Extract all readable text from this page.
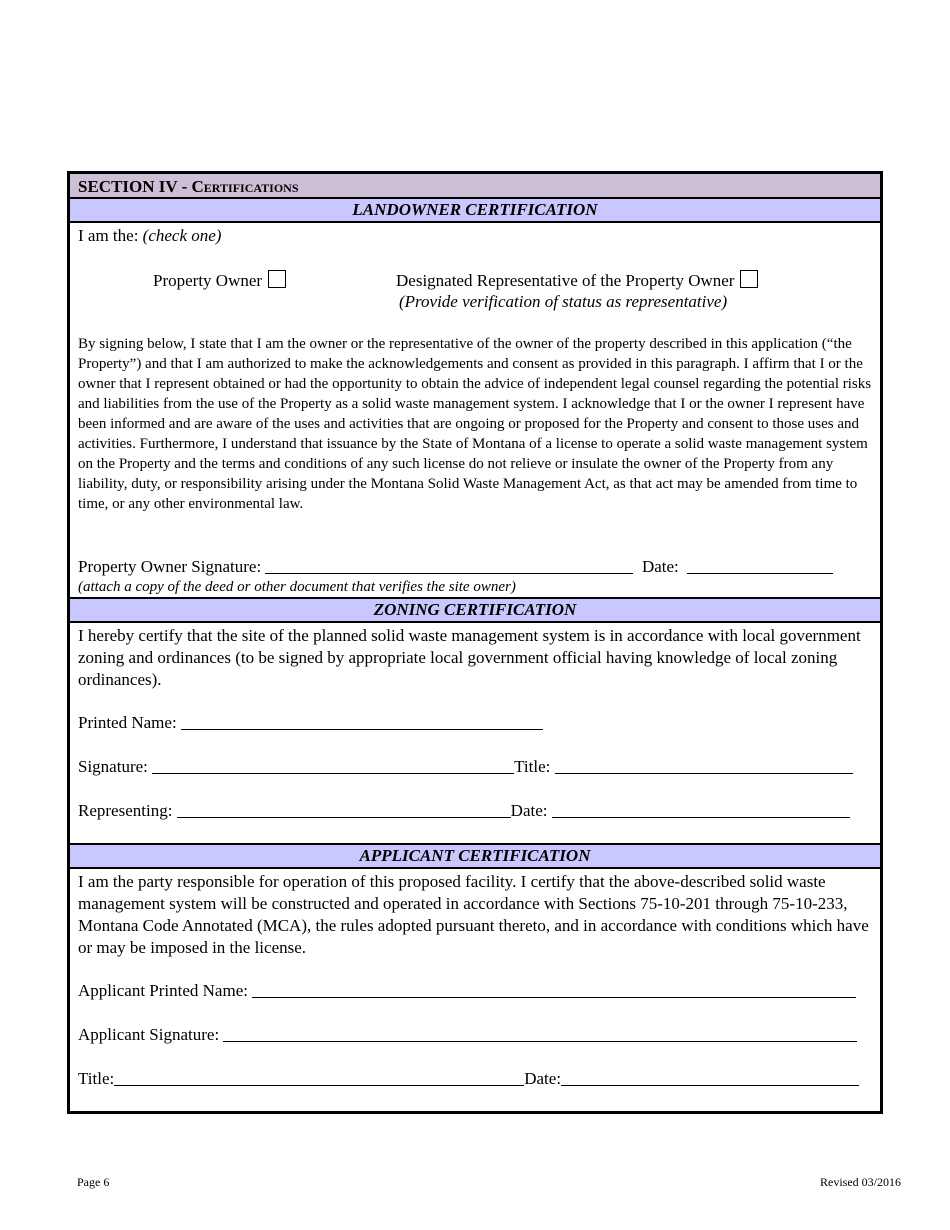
SECTION IV - Certifications
LANDOWNER CERTIFICATION
I am the: (check one)
Property Owner	Designated Representative of the Property Owner
(Provide verification of status as representative)
By signing below, I state that I am the owner or the representative of the owner of the property described in this application (“the Property”) and that I am authorized to make the acknowledgements and consent as provided in this paragraph. I affirm that I or the owner that I represent obtained or had the opportunity to obtain the advice of independent legal counsel regarding the potential risks and liabilities from the use of the Property as a solid waste management system. I acknowledge that I or the owner I represent have been informed and are aware of the uses and activities that are ongoing or proposed for the Property and consent to those uses and activities. Furthermore, I understand that issuance by the State of Montana of a license to operate a solid waste management system on the Property and the terms and conditions of any such license do not relieve or insulate the owner of the Property from any liability, duty, or responsibility arising under the Montana Solid Waste Management Act, as that act may be amended from time to time, or any other environmental law.
Property Owner Signature:	Date:
(attach a copy of the deed or other document that verifies the site owner)
ZONING CERTIFICATION
I hereby certify that the site of the planned solid waste management system is in accordance with local government zoning and ordinances (to be signed by appropriate local government official having knowledge of local zoning ordinances).
Printed Name:
Signature:	Title:
Representing:	Date:
APPLICANT CERTIFICATION
I am the party responsible for operation of this proposed facility. I certify that the above-described solid waste management system will be constructed and operated in accordance with Sections 75-10-201 through 75-10-233, Montana Code Annotated (MCA), the rules adopted pursuant thereto, and in accordance with conditions which have or may be imposed in the license.
Applicant Printed Name:
Applicant Signature:
Title:	Date:
Page 6	Revised 03/2016
